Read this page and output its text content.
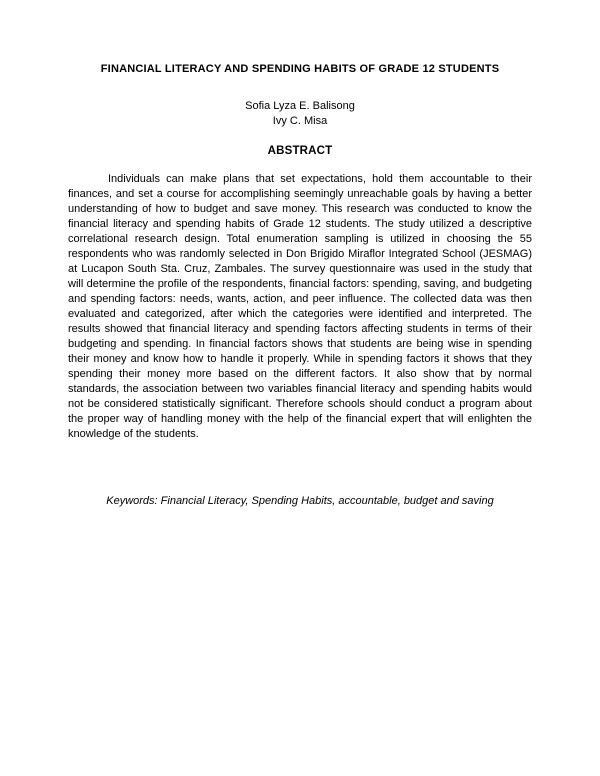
FINANCIAL LITERACY AND SPENDING HABITS OF GRADE 12 STUDENTS
Sofia Lyza E. Balisong
Ivy C. Misa
ABSTRACT

Individuals can make plans that set expectations, hold them accountable to their finances, and set a course for accomplishing seemingly unreachable goals by having a better understanding of how to budget and save money. This research was conducted to know the financial literacy and spending habits of Grade 12 students. The study utilized a descriptive correlational research design. Total enumeration sampling is utilized in choosing the 55 respondents who was randomly selected in Don Brigido Miraflor Integrated School (JESMAG) at Lucapon South Sta. Cruz, Zambales. The survey questionnaire was used in the study that will determine the profile of the respondents, financial factors: spending, saving, and budgeting and spending factors: needs, wants, action, and peer influence. The collected data was then evaluated and categorized, after which the categories were identified and interpreted. The results showed that financial literacy and spending factors affecting students in terms of their budgeting and spending. In financial factors shows that students are being wise in spending their money and know how to handle it properly. While in spending factors it shows that they spending their money more based on the different factors. It also show that by normal standards, the association between two variables financial literacy and spending habits would not be considered statistically significant. Therefore schools should conduct a program about the proper way of handling money with the help of the financial expert that will enlighten the knowledge of the students.

Keywords: Financial Literacy, Spending Habits, accountable, budget and saving
